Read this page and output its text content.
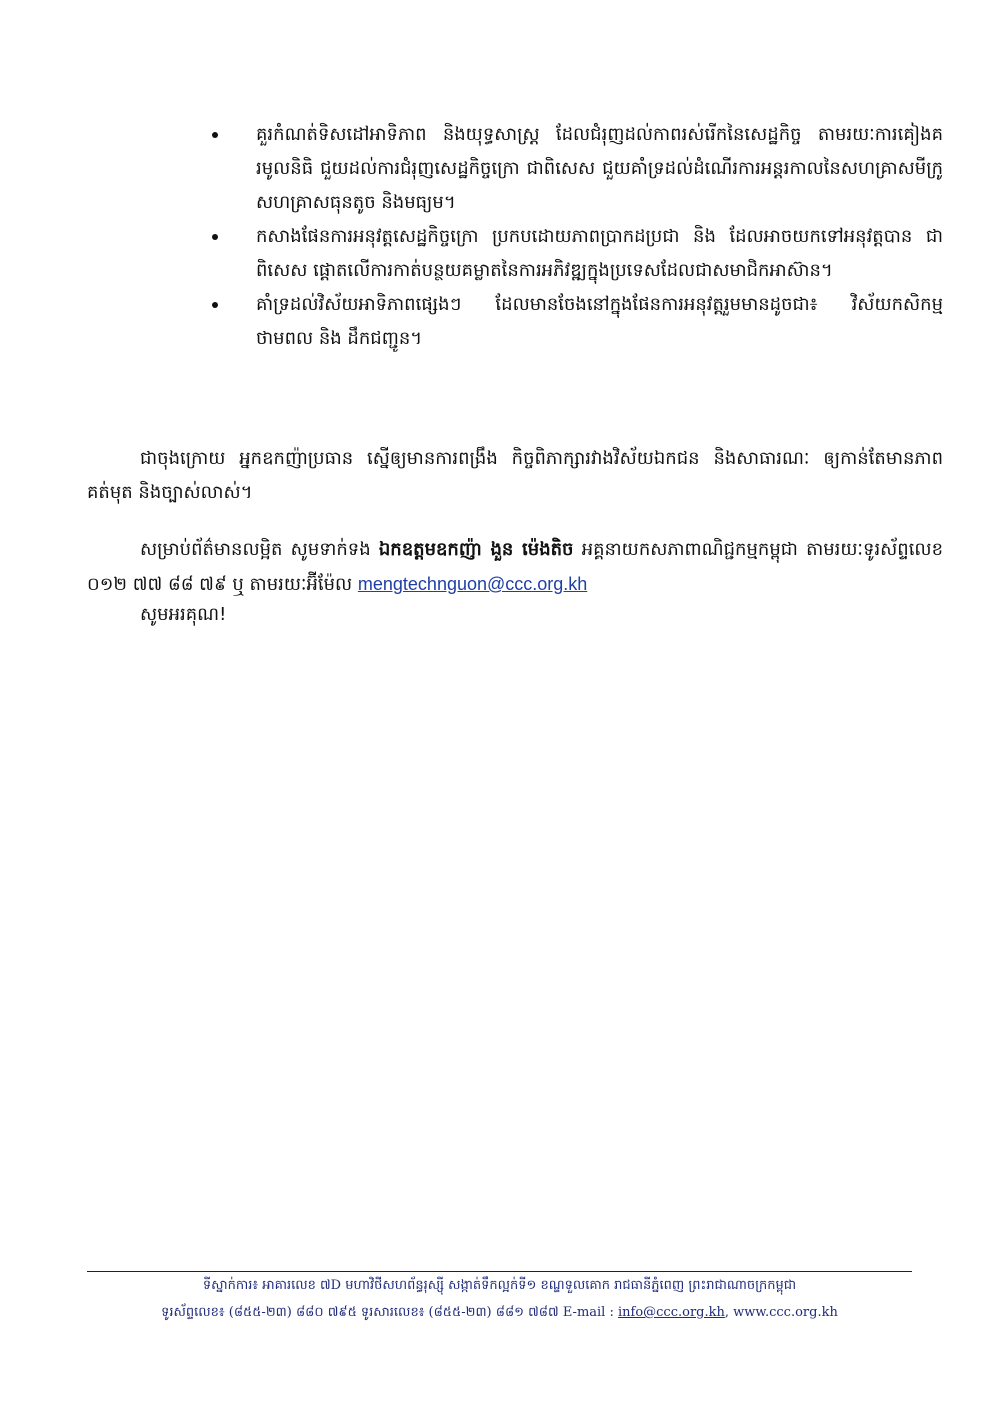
គួរកំណត់ទិសដៅអាទិភាព និងយុទ្ធសាស្ត្រ ដែលជំរុញដល់កាពរស់រើកនៃសេដ្ឋកិច្ច តាមរយៈការគៀងគរមូលនិធិ ជួយដល់ការជំរុញសេដ្ឋកិច្ចក្រោ ជាពិសេស ជួយគាំទ្រដល់ដំណើរការអន្តរកាលនៃសហគ្រាសមីក្រូ សហគ្រាសធុនតូច និងមធ្យម។
កសាងផែនការអនុវត្តសេដ្ឋកិច្ចក្រោ ប្រកបដោយភាពប្រាកដប្រជា និង ដែលអាចយកទៅអនុវត្តបាន ជាពិសេស ផ្តោតលើការកាត់បន្ថយគម្លាតនៃការអភិវឌ្ឍក្នុងប្រទេសដែលជាសមាជិកអាស៊ាន។
គាំទ្រដល់វិស័យអាទិភាពផ្សេងៗ ដែលមានចែងនៅក្នុងផែនការអនុវត្តរួមមានដូចជា៖ វិស័យកសិកម្ម ថាមពល និង ដឹកជញ្ជូន។

ជាចុងក្រោយ អ្នកឧកញ៉ាប្រធាន ស្នើឲ្យមានការពង្រឹង កិច្ចពិភាក្សារវាងវិស័យឯកជន និងសាធារណៈ ឲ្យកាន់តែមានភាពគត់មុត និងច្បាស់លាស់។

សម្រាប់ព័ត៌មានលម្អិត សូមទាក់ទង ឯកឧត្តមឧកញ៉ា ងួន ម៉េងតិច អគ្គនាយកសភាពាណិជ្ជកម្មកម្ពុជា តាមរយៈទូរស័ព្ទលេខ ០១២ ៧៧ ៨៨ ៧៩ ឬ តាមរយៈអ៊ីម៉ែល mengtechnguon@ccc.org.kh

សូមអរគុណ!

ទីស្នាក់ការ៖ អាគារលេខ ៧D មហាវិថីសហព័ន្ធរុស្ស៊ី សង្កាត់ទឹកល្អក់ទី១ ខណ្ឌទួលគោក រាជធានីភ្នំពេញ ព្រះរាជាណាចក្រកម្ពុជា
ទូរស័ព្ទលេខ៖ (៨៥៥-២៣) ៨៨០ ៧៩៥ ទូរសារលេខ៖ (៨៥៥-២៣) ៨៨១ ៧៨៧ E-mail : info@ccc.org.kh, www.ccc.org.kh
